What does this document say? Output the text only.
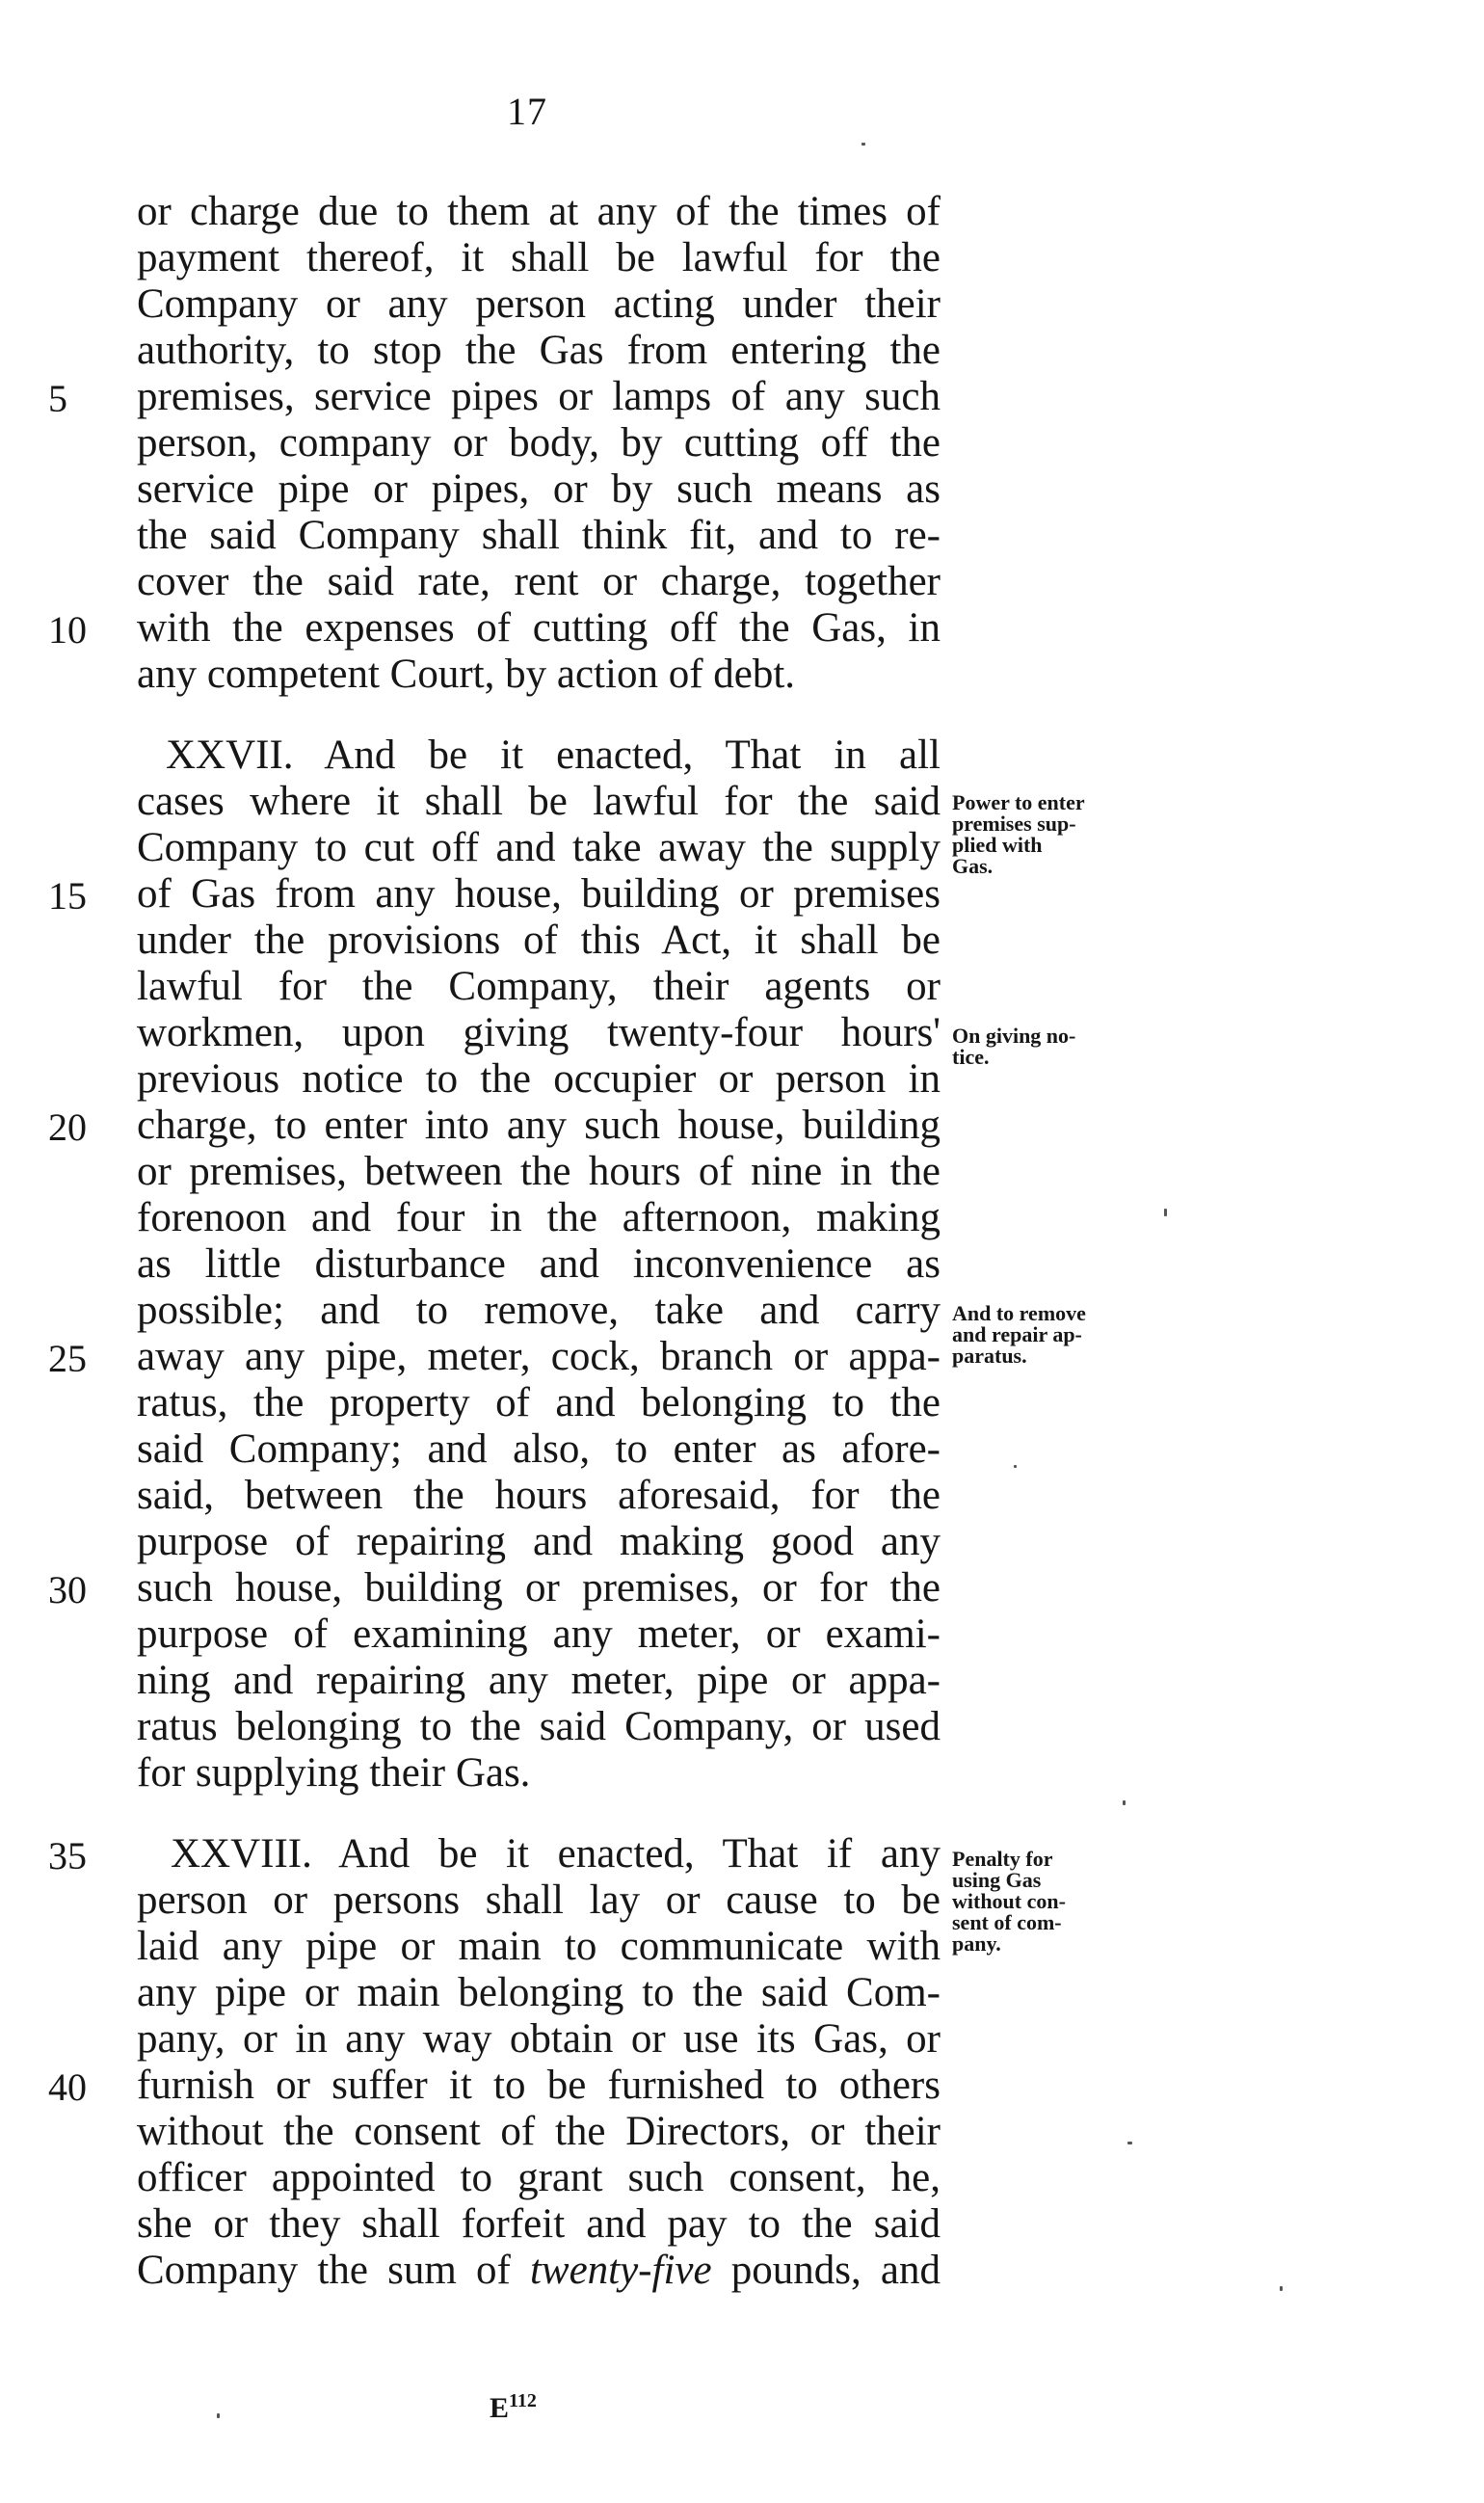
17
or charge due to them at any of the times of
payment thereof, it shall be lawful for the
Company or any person acting under their
authority, to stop the Gas from entering the
premises, service pipes or lamps of any such
person, company or body, by cutting off the
service pipe or pipes, or by such means as
the said Company shall think fit, and to re-
cover the said rate, rent or charge, together
with the expenses of cutting off the Gas, in
any competent Court, by action of debt.
XXVII. And be it enacted, That in all
cases where it shall be lawful for the said
Company to cut off and take away the supply
of Gas from any house, building or premises
under the provisions of this Act, it shall be
lawful for the Company, their agents or
workmen, upon giving twenty-four hours'
previous notice to the occupier or person in
charge, to enter into any such house, building
or premises, between the hours of nine in the
forenoon and four in the afternoon, making
as little disturbance and inconvenience as
possible; and to remove, take and carry
away any pipe, meter, cock, branch or appa-
ratus, the property of and belonging to the
said Company; and also, to enter as afore-
said, between the hours aforesaid, for the
purpose of repairing and making good any
such house, building or premises, or for the
purpose of examining any meter, or exami-
ning and repairing any meter, pipe or appa-
ratus belonging to the said Company, or used
for supplying their Gas.
XXVIII. And be it enacted, That if any
person or persons shall lay or cause to be
laid any pipe or main to communicate with
any pipe or main belonging to the said Com-
pany, or in any way obtain or use its Gas, or
furnish or suffer it to be furnished to others
without the consent of the Directors, or their
officer appointed to grant such consent, he,
she or they shall forfeit and pay to the said
Company the sum of twenty-five pounds, and
5
10
15
20
25
30
35
40
Power to enter
premises sup-
plied with
Gas.
On giving no-
tice.
And to remove
and repair ap-
paratus.
Penalty for
using Gas
without con-
sent of com-
pany.
$E^{112}$
